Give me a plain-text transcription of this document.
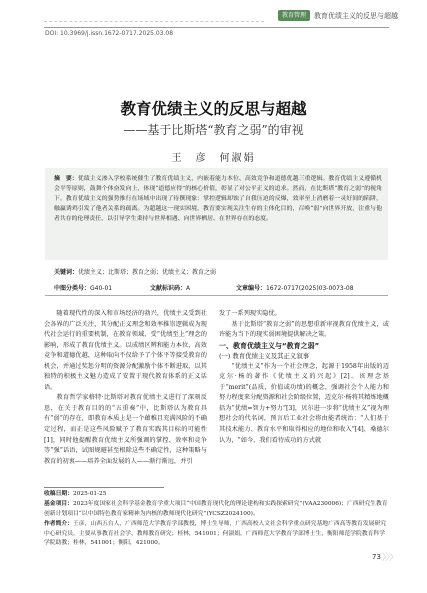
教育管理	教育优绩主义的反思与超越
DOI: 10.3969/j.issn.1672-0717.2025.03.08
教育优绩主义的反思与超越
——基于比斯塔“教育之弱”的审视
王　彦　何淑娟
摘　要：优绩主义渗入学校系统催生了教育优绩主义，内嵌着能力本位、高效竞争和道德优越三重逻辑。教育优绩主义遵循机会平等原则，鼓舞个体奋发向上，体现“道德应得”的核心价值，彰显了对公平正义的追求。然而，在比斯塔“教育之弱”的视角下，教育优绩主义的强势推行在场域中出现了待撰现象：掌控逻辑却蚀了自我压迫的反爆，效率至上消磨着一灵好间的陷阱，触赢诱鸡引发了他者关系的疏离。为超越这一现实困境，教育要实现关注生存的主体化目的，召唤“弱”向世界开放，注重与他者共存的伦理责任，以引导学生秉持与世界相遇、向世界栖居、在世界存在的态度。
关键词：优绩主义；比斯塔；教育之弱；优绩主义；教育之弱
中图分类号：G40-01	文献标识码：A	文章编号：1672-0717(2025)03-0073-08

随着现代性的深入和市场经济的勃兴，优绩主义受到社会各界的广泛关注，其分配正义理念和效率推崇逻辑成为现代社会运行的重要机制，在教育领域，受“优绩至上”理念的影响，形成了教育优绩主义。以成绩区辨和能力本位，高效竞争和道德优越，这种取向不仅给予了个体平等接受教育的机会，并通过奖惩分明的资源分配激励个体不断进取，以其独特的积极主义魅力造成了安置于现代教育体系的正义话语。

教育哲学家格特·比斯塔对教育优绩主义进行了深刻反思，在关于教育目的的“五重奏”中，比斯塔认为教育具有“弱”的存在，即教育本质上是一个蕴稚且充满风险的不确定过程，而正是这些风险赋予了教育实践其目标的可能性[1]，同时他提醒教育优绩主义所强调的掌控、效率和竞争等“强”话语，试图规避甚至根除这些不确定性，这种策略与教育的初衷——培养全面发展的人——渐行渐远，并引

发了一系列现实隐忧。

基于比斯塔“教育之弱”的思想重新审视教育优绩主义，或许能为当下的现实弱困境提供解决之策。

一、教育优绩主义与“教育之弱”

(一) 教育优绩主义及其正义叙事

“优绩主义”作为一个社会理念，起源于1958年出版的迈克尔·杨的著作《优绩主义的兴起》[2]。该理念基于“merit”(品质，价值或功绩)的概念，强调社会个人能力和努力程度来分配资源和社会阶级位置，迈克尔·杨将其精炼地概括为“优绩=智力+努力”[3]，贝尔进一步将“优绩主义”视为理想社会的代名词，预言后工业社会将由能者统治：“人们基于其技术能力、教育水平和取得相应的地位和收入”[4]，桑德尔认为，“如今，我们看待成功的方式就

收稿日期：2025-01-25
基金项目：2023年度国家社会科学基金教育学重大项目“中国教育现代化的理论建构和实践探索研究”(VAA230006)；广西研究生教育创新计划项目“以中国特色教育家精神为内核的教师现代化研究”(YCSZ2024100)。
作者简介：王彦，山西五台人，广西师范大学教育学部教授，博士生导师，广西高校人文社会科学重点研究基地广西高等教育发展研究中心研究员，主要从事教育社会学、教师教育研究；桂林，541001；何淑娟，广西师范大学教育学部博士生，衡阳师范学院教育科学学院助教；桂林，541001；衡阳，421000。
73 〉〉〉
